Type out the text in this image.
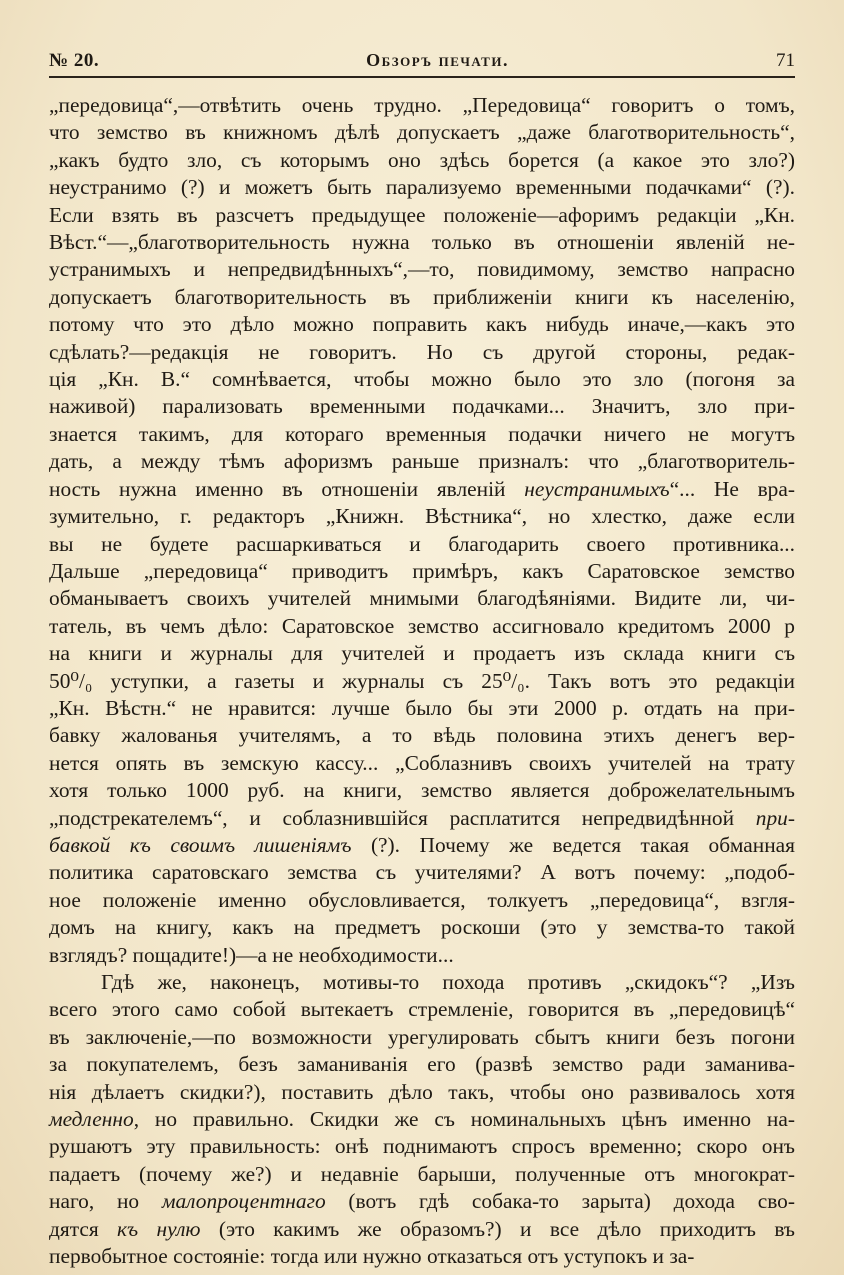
№ 20.	Обзоръ печати.	71

„передовица“,—отвѣтить очень трудно. „Передовица“ говоритъ о томъ,

что земство въ книжномъ дѣлѣ допускаетъ „даже благотворительность“,

„какъ будто зло, съ которымъ оно здѣсь борется (а какое это зло?)

неустранимо (?) и можетъ быть парализуемо временными подачками“ (?).

Если взять въ разсчетъ предыдущее положеніе—афоримъ редакціи „Кн.

Вѣст.“—„благотворительность нужна только въ отношеніи явленій не-

устранимыхъ и непредвидѣнныхъ“,—то, повидимому, земство напрасно

допускаетъ благотворительность въ приближеніи книги къ населенію,

потому что это дѣло можно поправить какъ нибудь иначе,—какъ это

сдѣлать?—редакція не говоритъ. Но съ другой стороны, редак-

ція „Кн. В.“ сомнѣвается, чтобы можно было это зло (погоня за

наживой) парализовать временными подачками... Значитъ, зло при-

знается такимъ, для котораго временныя подачки ничего не могутъ

дать, а между тѣмъ афоризмъ раньше призналъ: что „благотворитель-

ность нужна именно въ отношеніи явленій неустранимыхъ“... Не вра-

зумительно, г. редакторъ „Книжн. Вѣстника“, но хлестко, даже если

вы не будете расшаркиваться и благодарить своего противника...

Дальше „передовица“ приводитъ примѣръ, какъ Саратовское земство

обманываетъ своихъ учителей мнимыми благодѣяніями. Видите ли, чи-

татель, въ чемъ дѣло: Саратовское земство ассигновало кредитомъ 2000 р

на книги и журналы для учителей и продаетъ изъ склада книги съ

50⁰/₀ уступки, а газеты и журналы съ 25⁰/₀. Такъ вотъ это редакціи

„Кн. Вѣстн.“ не нравится: лучше было бы эти 2000 р. отдать на при-

бавку жалованья учителямъ, а то вѣдь половина этихъ денегъ вер-

нется опять въ земскую кассу... „Соблазнивъ своихъ учителей на трату

хотя только 1000 руб. на книги, земство является доброжелательнымъ

„подстрекателемъ“, и соблазнившійся расплатится непредвидѣнной при-

бавкой къ своимъ лишеніямъ (?). Почему же ведется такая обманная

политика саратовскаго земства съ учителями? А вотъ почему: „подоб-

ное положеніе именно обусловливается, толкуетъ „передовица“, взгля-

домъ на книгу, какъ на предметъ роскоши (это у земства-то такой

взглядъ? пощадите!)—а не необходимости...

Гдѣ же, наконецъ, мотивы-то похода противъ „скидокъ“? „Изъ

всего этого само собой вытекаетъ стремленіе, говорится въ „передовицѣ“

въ заключеніе,—по возможности урегулировать сбытъ книги безъ погони

за покупателемъ, безъ заманиванія его (развѣ земство ради заманива-

нія дѣлаетъ скидки?), поставить дѣло такъ, чтобы оно развивалось хотя

медленно, но правильно. Скидки же съ номинальныхъ цѣнъ именно на-

рушаютъ эту правильность: онѣ поднимаютъ спросъ временно; скоро онъ

падаетъ (почему же?) и недавніе барыши, полученные отъ многократ-

наго, но малопроцентнаго (вотъ гдѣ собака-то зарыта) дохода сво-

дятся къ нулю (это какимъ же образомъ?) и все дѣло приходитъ въ

первобытное состояніе: тогда или нужно отказаться отъ уступокъ и за-
